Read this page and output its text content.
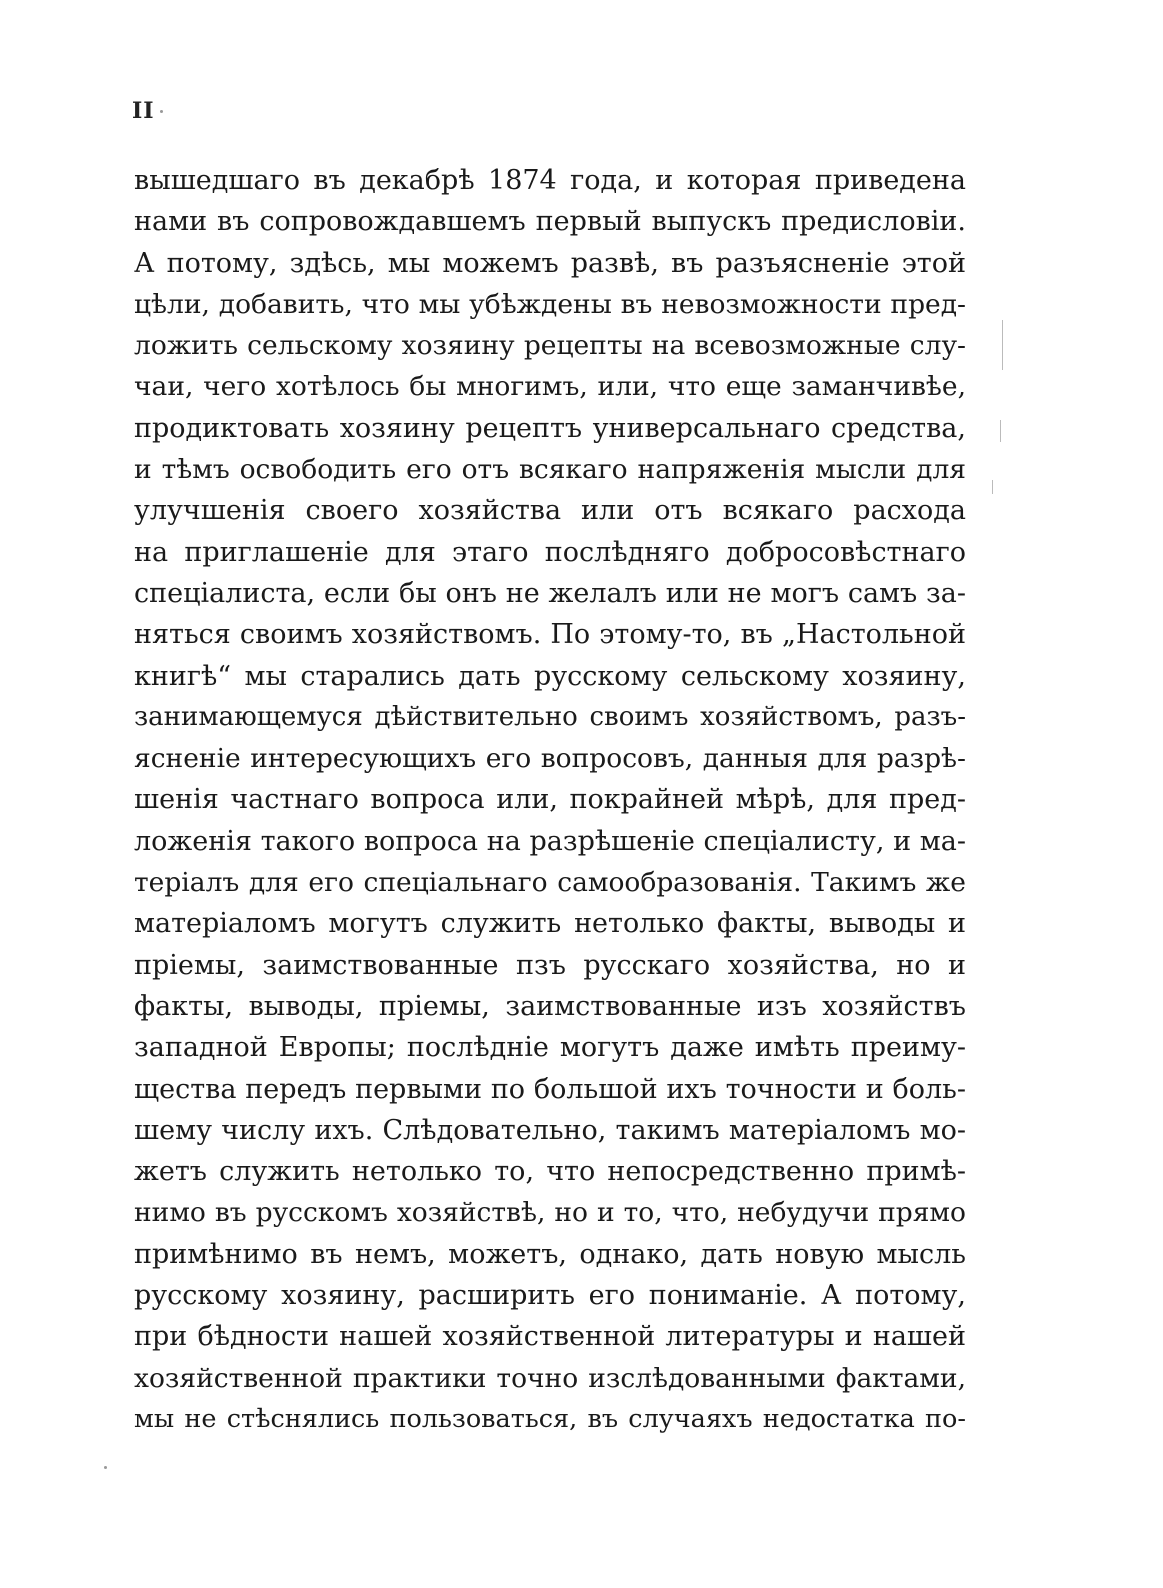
II
вышедшаго въ декабрѣ 1874 года, и которая приведена
нами въ сопровождавшемъ первый выпускъ предисловіи.
А потому, здѣсь, мы можемъ развѣ, въ разъясненіе этой
цѣли, добавить, что мы убѣждены въ невозможности пред-
ложить сельскому хозяину рецепты на всевозможные слу-
чаи, чего хотѣлось бы многимъ, или, что еще заманчивѣе,
продиктовать хозяину рецептъ универсальнаго средства,
и тѣмъ освободить его отъ всякаго напряженія мысли для
улучшенія своего хозяйства или отъ всякаго расхода
на приглашеніе для этаго послѣдняго добросовѣстнаго
спеціалиста, если бы онъ не желалъ или не могъ самъ за-
няться своимъ хозяйствомъ. По этому-то, въ „Настольной
книгѣ“ мы старались дать русскому сельскому хозяину,
занимающемуся дѣйствительно своимъ хозяйствомъ, разъ-
ясненіе интересующихъ его вопросовъ, данныя для разрѣ-
шенія частнаго вопроса или, покрайней мѣрѣ, для пред-
ложенія такого вопроса на разрѣшеніе спеціалисту, и ма-
теріалъ для его спеціальнаго самообразованія. Такимъ же
матеріаломъ могутъ служить нетолько факты, выводы и
пріемы, заимствованные пзъ русскаго хозяйства, но и
факты, выводы, пріемы, заимствованные изъ хозяйствъ
западной Европы; послѣдніе могутъ даже имѣть преиму-
щества передъ первыми по большой ихъ точности и боль-
шему числу ихъ. Слѣдовательно, такимъ матеріаломъ мо-
жетъ служить нетолько то, что непосредственно примѣ-
нимо въ русскомъ хозяйствѣ, но и то, что, небудучи прямо
примѣнимо въ немъ, можетъ, однако, дать новую мысль
русскому хозяину, расширить его пониманіе. А потому,
при бѣдности нашей хозяйственной литературы и нашей
хозяйственной практики точно изслѣдованными фактами,
мы не стѣснялись пользоваться, въ случаяхъ недостатка по-
